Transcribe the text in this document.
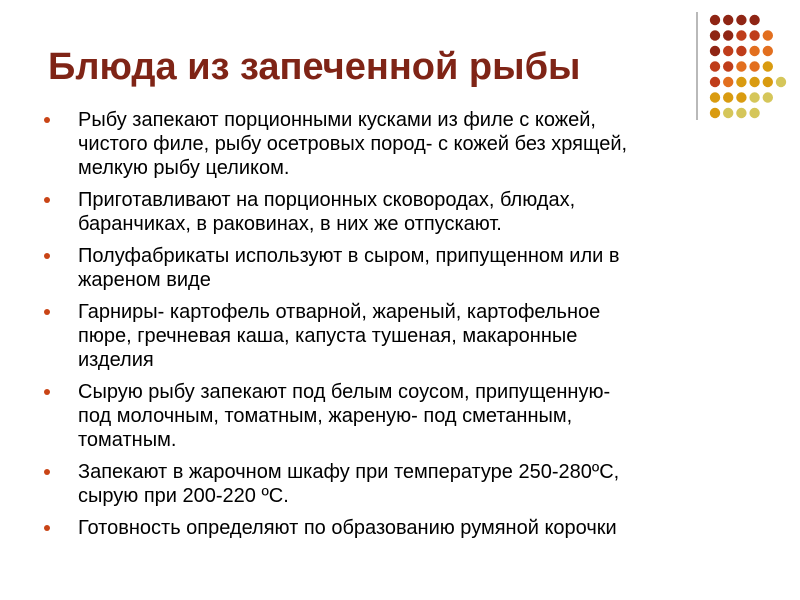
Блюда из запеченной рыбы
Рыбу запекают порционными кусками из филе с кожей,
чистого филе, рыбу осетровых пород- с кожей без хрящей,
мелкую рыбу целиком.
Приготавливают на порционных сковородах, блюдах,
баранчиках, в раковинах, в них же отпускают.
Полуфабрикаты используют в сыром, припущенном или в
жареном виде
Гарниры- картофель отварной, жареный, картофельное
пюре, гречневая каша, капуста тушеная, макаронные
изделия
Сырую рыбу запекают под белым соусом, припущенную-
под молочным, томатным, жареную- под сметанным,
томатным.
Запекают в жарочном шкафу при температуре 250-280ºС,
сырую при 200-220 ºС.
Готовность определяют по образованию румяной корочки
